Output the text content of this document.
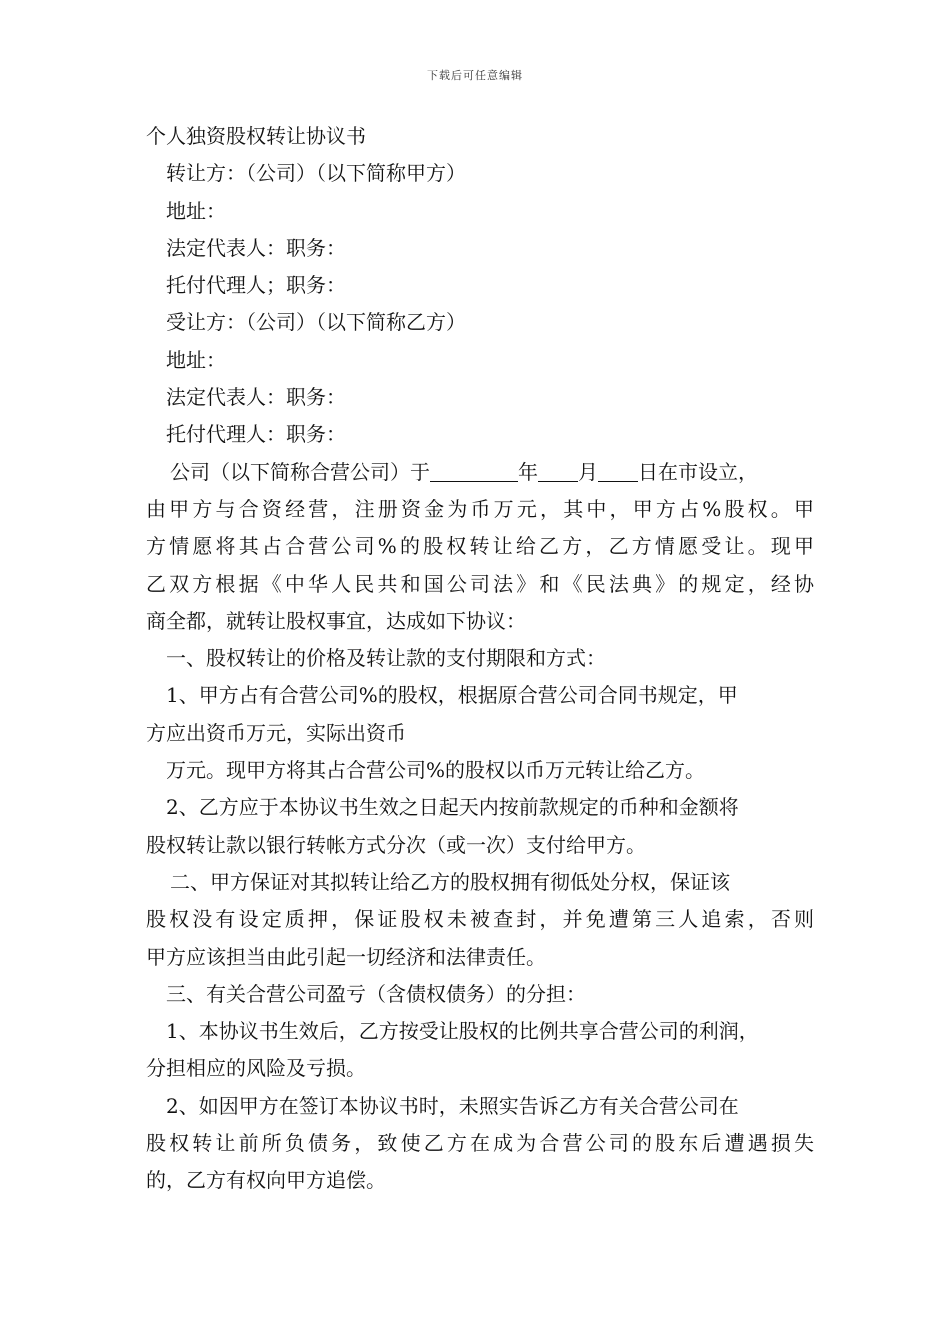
下载后可任意编辑
个人独资股权转让协议书
转让方：（公司）（以下简称甲方）
地址：
法定代表人：职务：
托付代理人；职务：
受让方：（公司）（以下简称乙方）
地址：
法定代表人：职务：
托付代理人：职务：
公司（以下简称合营公司）于	年 月 日在市设立，
由甲方与合资经营，注册资金为币万元，其中，甲方占%股权。甲
方情愿将其占合营公司%的股权转让给乙方，乙方情愿受让。现甲
乙双方根据《中华人民共和国公司法》和《民法典》的规定，经协
商全都，就转让股权事宜，达成如下协议：
一、股权转让的价格及转让款的支付期限和方式：
1、甲方占有合营公司%的股权，根据原合营公司合同书规定，甲
方应出资币万元，实际出资币
万元。现甲方将其占合营公司%的股权以币万元转让给乙方。
2、乙方应于本协议书生效之日起天内按前款规定的币种和金额将
股权转让款以银行转帐方式分次（或一次）支付给甲方。
二、甲方保证对其拟转让给乙方的股权拥有彻低处分权，保证该
股权没有设定质押，保证股权未被查封，并免遭第三人追索，否则
甲方应该担当由此引起一切经济和法律责任。
三、有关合营公司盈亏（含债权债务）的分担：
1、本协议书生效后，乙方按受让股权的比例共享合营公司的利润，
分担相应的风险及亏损。
2、如因甲方在签订本协议书时，未照实告诉乙方有关合营公司在
股权转让前所负债务，致使乙方在成为合营公司的股东后遭遇损失
的，乙方有权向甲方追偿。
